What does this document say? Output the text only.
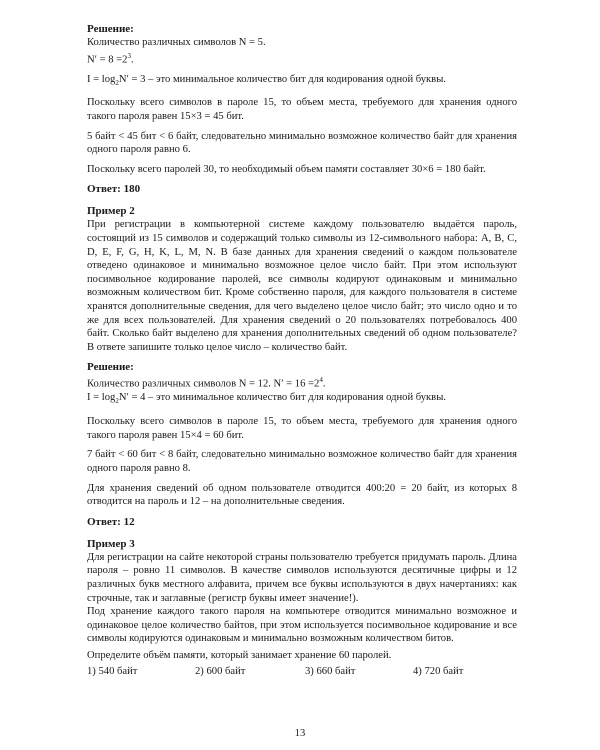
Решение:

Количество различных символов N = 5.

$N' = 8 =2^3$.

$I = \log_2N' = 3$ – это минимальное количество бит для кодирования одной буквы.

Поскольку всего символов в пароле 15, то объем места, требуемого для хранения одного такого пароля равен 15×3 = 45 бит.

5 байт < 45 бит < 6 байт, следовательно минимально возможное количество байт для хранения одного пароля равно 6.

Поскольку всего паролей 30, то необходимый объем памяти составляет 30×6 = 180 байт.

Ответ: 180

Пример 2

При регистрации в компьютерной системе каждому пользователю выдаётся пароль, состоящий из 15 символов и содержащий только символы из 12-символьного набора: A, B, C, D, E, F, G, H, K, L, M, N. В базе данных для хранения сведений о каждом пользователе отведено одинаковое и минимально возможное целое число байт. При этом используют посимвольное кодирование паролей, все символы кодируют одинаковым и минимально возможным количеством бит. Кроме собственно пароля, для каждого пользователя в системе хранятся дополнительные сведения, для чего выделено целое число байт; это число одно и то же для всех пользователей. Для хранения сведений о 20 пользователях потребовалось 400 байт. Сколько байт выделено для хранения дополнительных сведений об одном пользователе? В ответе запишите только целое число – количество байт.

Решение:

Количество различных символов N = 12. $N' = 16 =2^4$.

$I = \log_2N' = 4$ – это минимальное количество бит для кодирования одной буквы.

Поскольку всего символов в пароле 15, то объем места, требуемого для хранения одного такого пароля равен 15×4 = 60 бит.

7 байт < 60 бит < 8 байт, следовательно минимально возможное количество байт для хранения одного пароля равно 8.

Для хранения сведений об одном пользователе отводится 400:20 = 20 байт, из которых 8 отводится на пароль и 12 – на дополнительные сведения.

Ответ: 12

Пример 3

Для регистрации на сайте некоторой страны пользователю требуется придумать пароль. Длина пароля – ровно 11 символов. В качестве символов используются десятичные цифры и 12 различных букв местного алфавита, причем все буквы используются в двух начертаниях: как строчные, так и заглавные (регистр буквы имеет значение!).

Под хранение каждого такого пароля на компьютере отводится минимально возможное и одинаковое целое количество байтов, при этом используется посимвольное кодирование и все символы кодируются одинаковым и минимально возможным количеством битов.

Определите объём памяти, который занимает хранение 60 паролей.

1) 540 байт	2) 600 байт	3) 660 байт	4) 720 байт
13
